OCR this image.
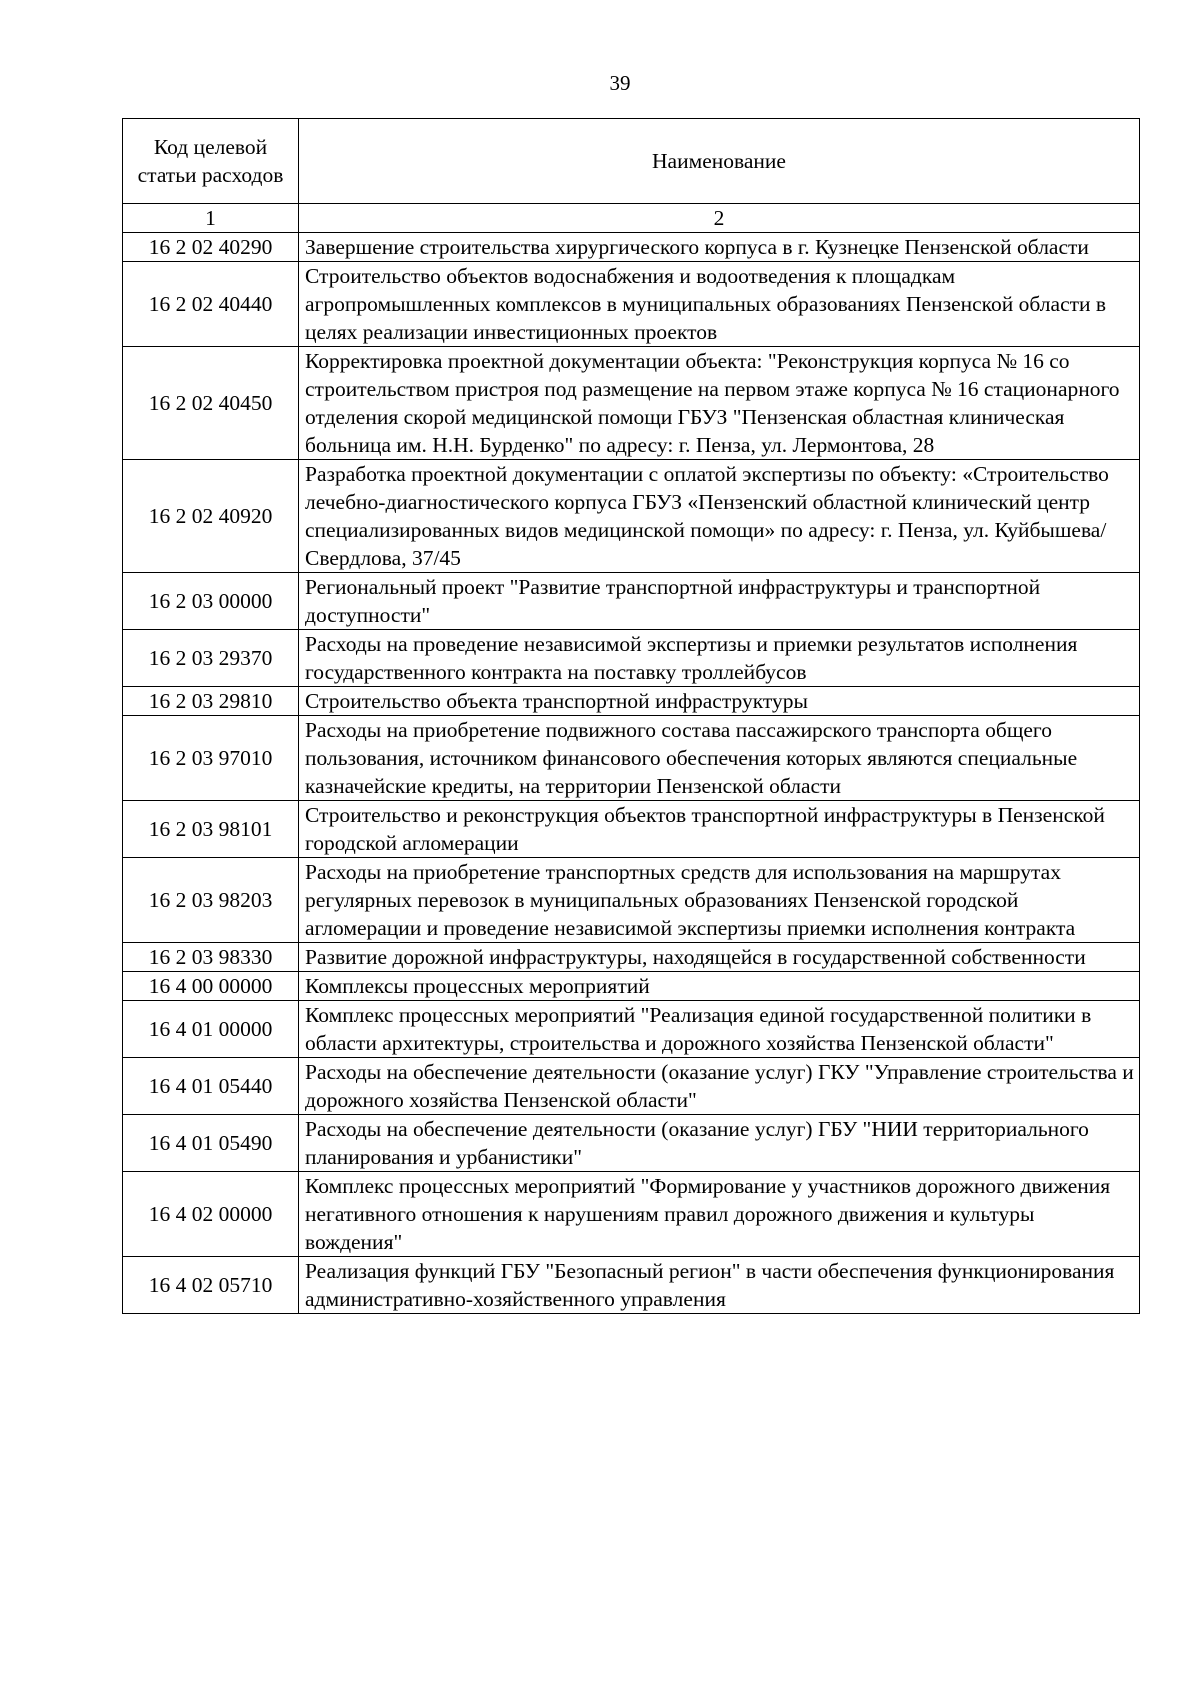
39
Код целевой статьи расходов	Наименование
1	2
16 2 02 40290	Завершение строительства хирургического корпуса в г. Кузнецке Пензенской области
16 2 02 40440	Строительство объектов водоснабжения и водоотведения к площадкам агропромышленных комплексов в муниципальных образованиях Пензенской области в целях реализации инвестиционных проектов
16 2 02 40450	Корректировка проектной документации объекта: "Реконструкция корпуса № 16 со строительством пристроя под размещение на первом этаже корпуса № 16 стационарного отделения скорой медицинской помощи ГБУЗ "Пензенская областная клиническая больница им. Н.Н. Бурденко" по адресу: г. Пенза, ул. Лермонтова, 28
16 2 02 40920	Разработка проектной документации с оплатой экспертизы по объекту: «Строительство лечебно-диагностического корпуса ГБУЗ «Пензенский областной клинический центр специализированных видов медицинской помощи» по адресу: г. Пенза, ул. Куйбышева/Свердлова, 37/45
16 2 03 00000	Региональный проект "Развитие транспортной инфраструктуры и транспортной доступности"
16 2 03 29370	Расходы на проведение независимой экспертизы и приемки результатов исполнения государственного контракта на поставку троллейбусов
16 2 03 29810	Строительство объекта транспортной инфраструктуры
16 2 03 97010	Расходы на приобретение подвижного состава пассажирского транспорта общего пользования, источником финансового обеспечения которых являются специальные казначейские кредиты, на территории Пензенской области
16 2 03 98101	Строительство и реконструкция объектов транспортной инфраструктуры в Пензенской городской агломерации
16 2 03 98203	Расходы на приобретение транспортных средств для использования на маршрутах регулярных перевозок в муниципальных образованиях Пензенской городской агломерации и проведение независимой экспертизы приемки исполнения контракта
16 2 03 98330	Развитие дорожной инфраструктуры, находящейся в государственной собственности
16 4 00 00000	Комплексы процессных мероприятий
16 4 01 00000	Комплекс процессных мероприятий "Реализация единой государственной политики в области архитектуры, строительства и дорожного хозяйства Пензенской области"
16 4 01 05440	Расходы на обеспечение деятельности (оказание услуг) ГКУ "Управление строительства и дорожного хозяйства Пензенской области"
16 4 01 05490	Расходы на обеспечение деятельности (оказание услуг) ГБУ "НИИ территориального планирования и урбанистики"
16 4 02 00000	Комплекс процессных мероприятий "Формирование у участников дорожного движения негативного отношения к нарушениям правил дорожного движения и культуры вождения"
16 4 02 05710	Реализация функций ГБУ "Безопасный регион" в части обеспечения функционирования административно-хозяйственного управления
